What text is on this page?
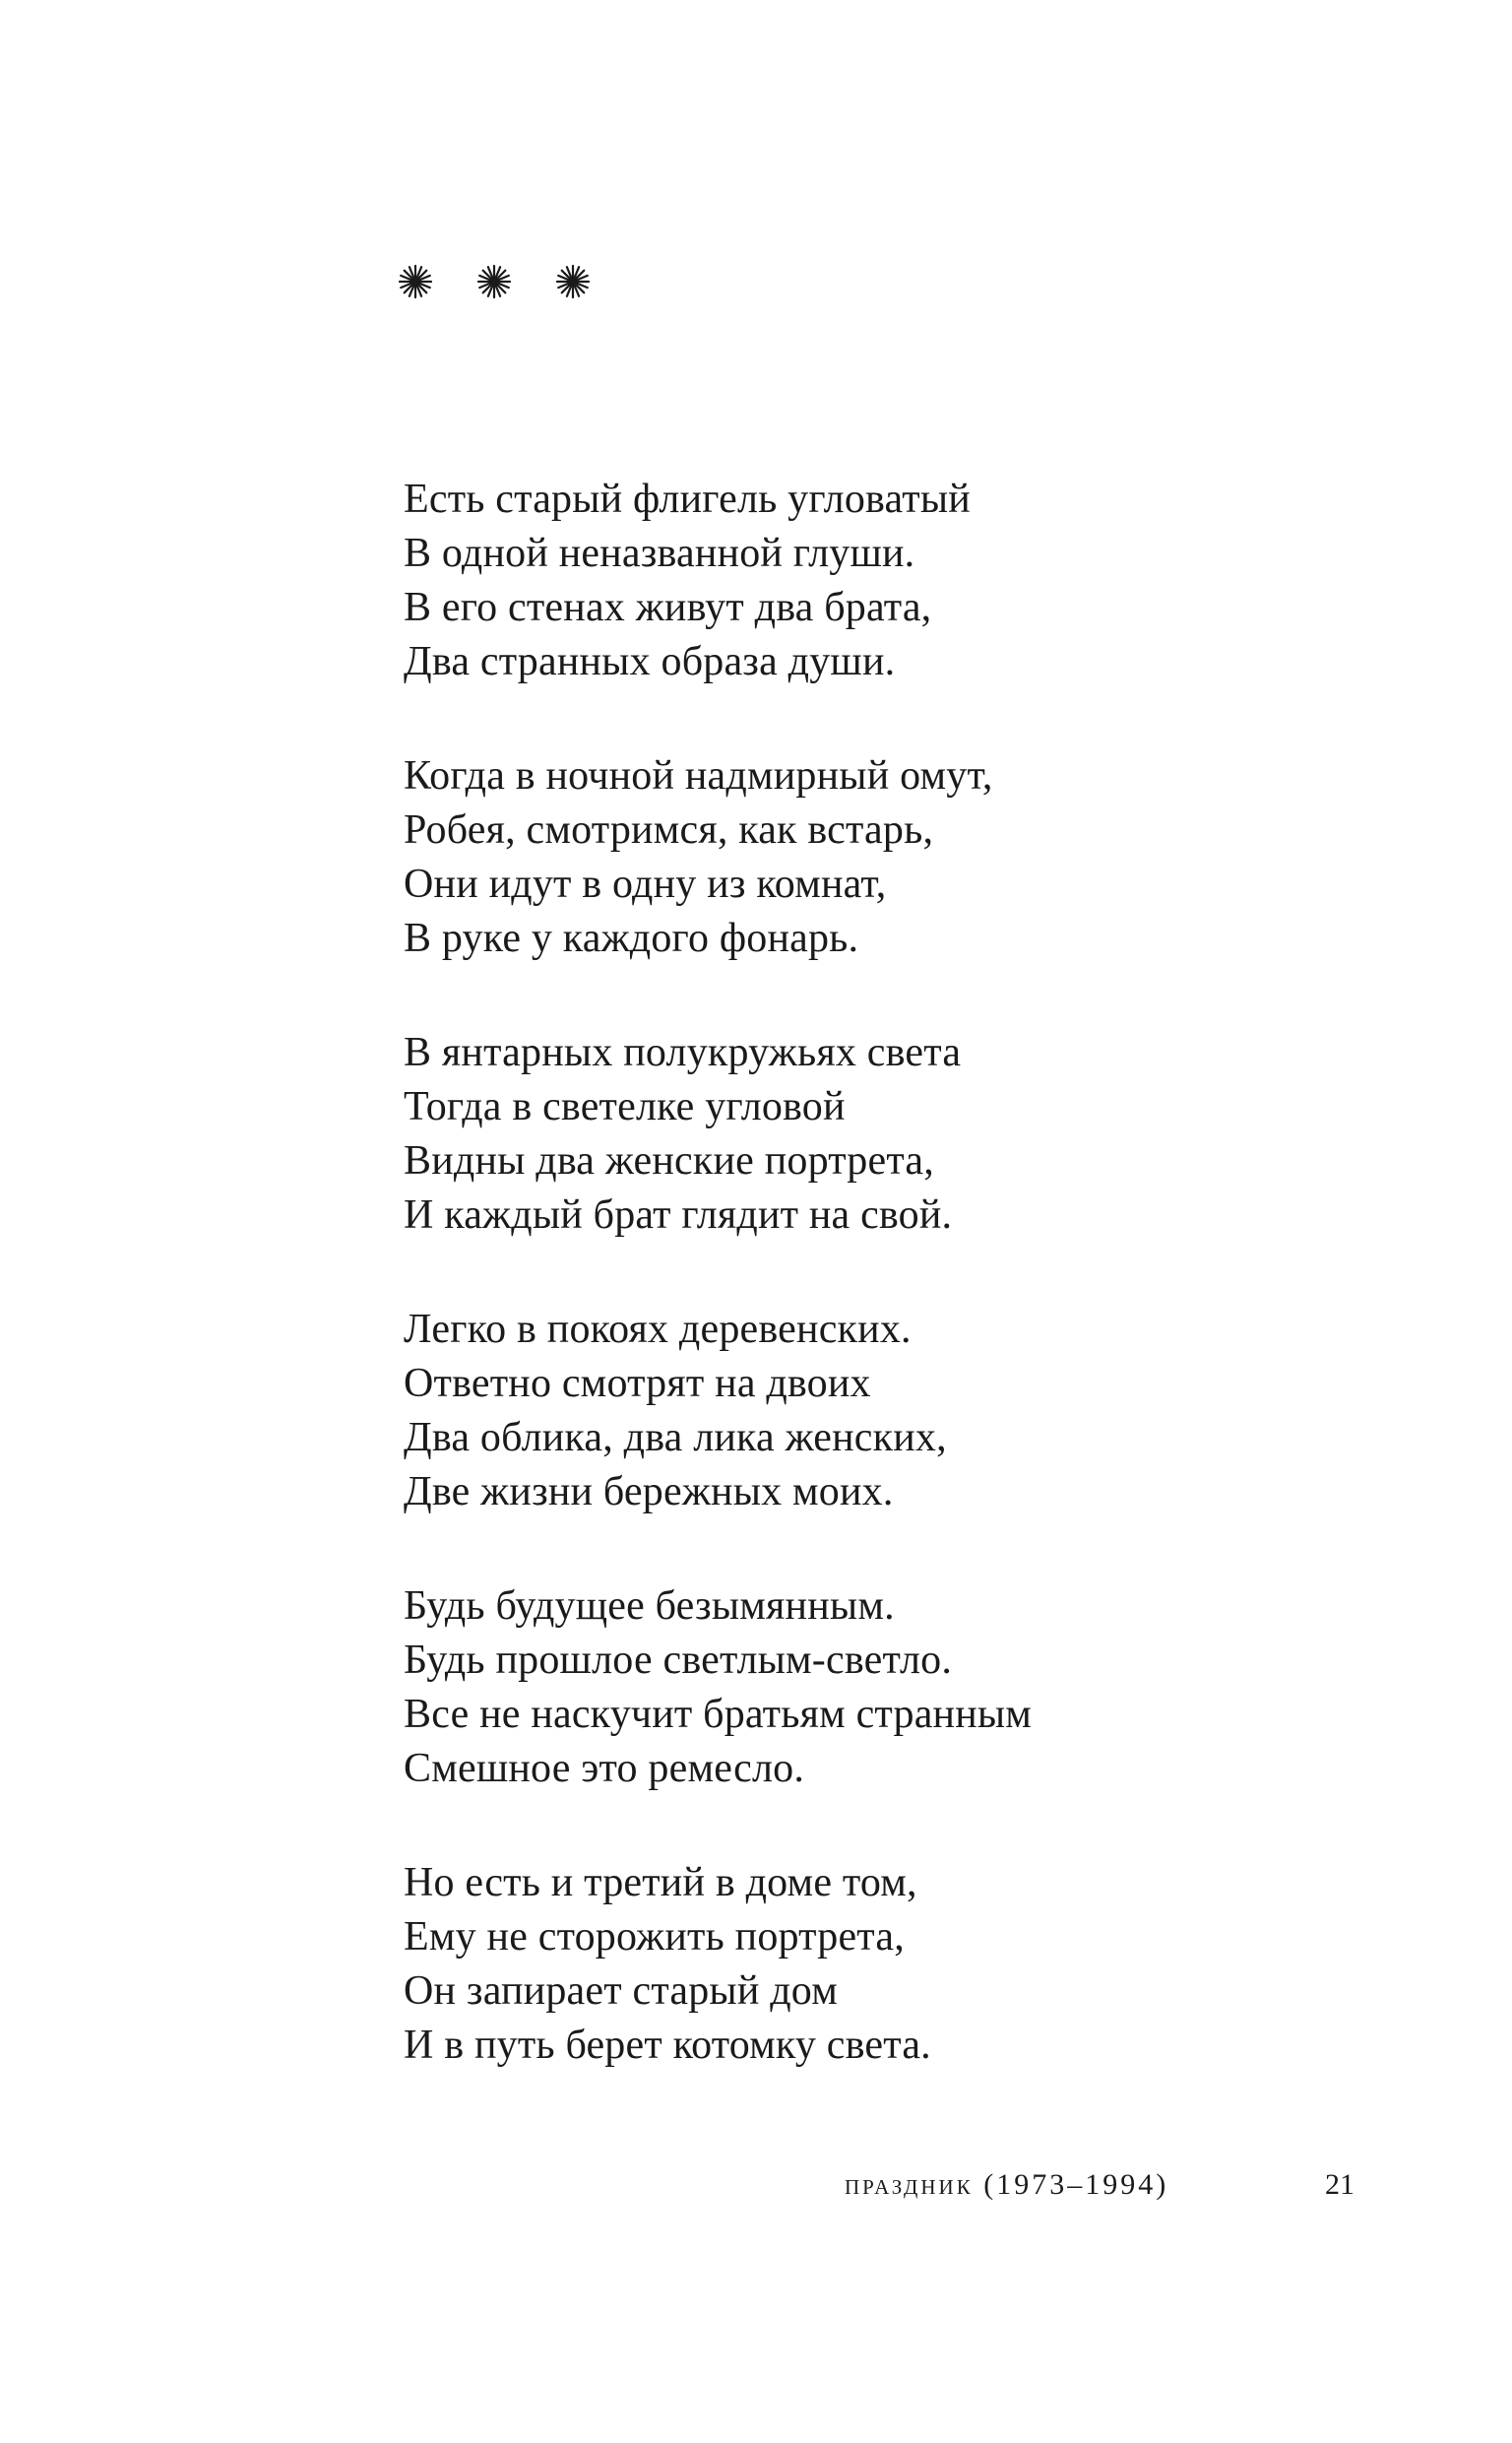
Есть старый флигель угловатый
В одной неназванной глуши.
В его стенах живут два брата,
Два странных образа души.
Когда в ночной надмирный омут,
Робея, смотримся, как встарь,
Они идут в одну из комнат,
В руке у каждого фонарь.
В янтарных полукружьях света
Тогда в светелке угловой
Видны два женские портрета,
И каждый брат глядит на свой.
Легко в покоях деревенских.
Ответно смотрят на двоих
Два облика, два лика женских,
Две жизни бережных моих.
Будь будущее безымянным.
Будь прошлое светлым-светло.
Все не наскучит братьям странным
Смешное это ремесло.
Но есть и третий в доме том,
Ему не сторожить портрета,
Он запирает старый дом
И в путь берет котомку света.
праздник (1973–1994)	21
